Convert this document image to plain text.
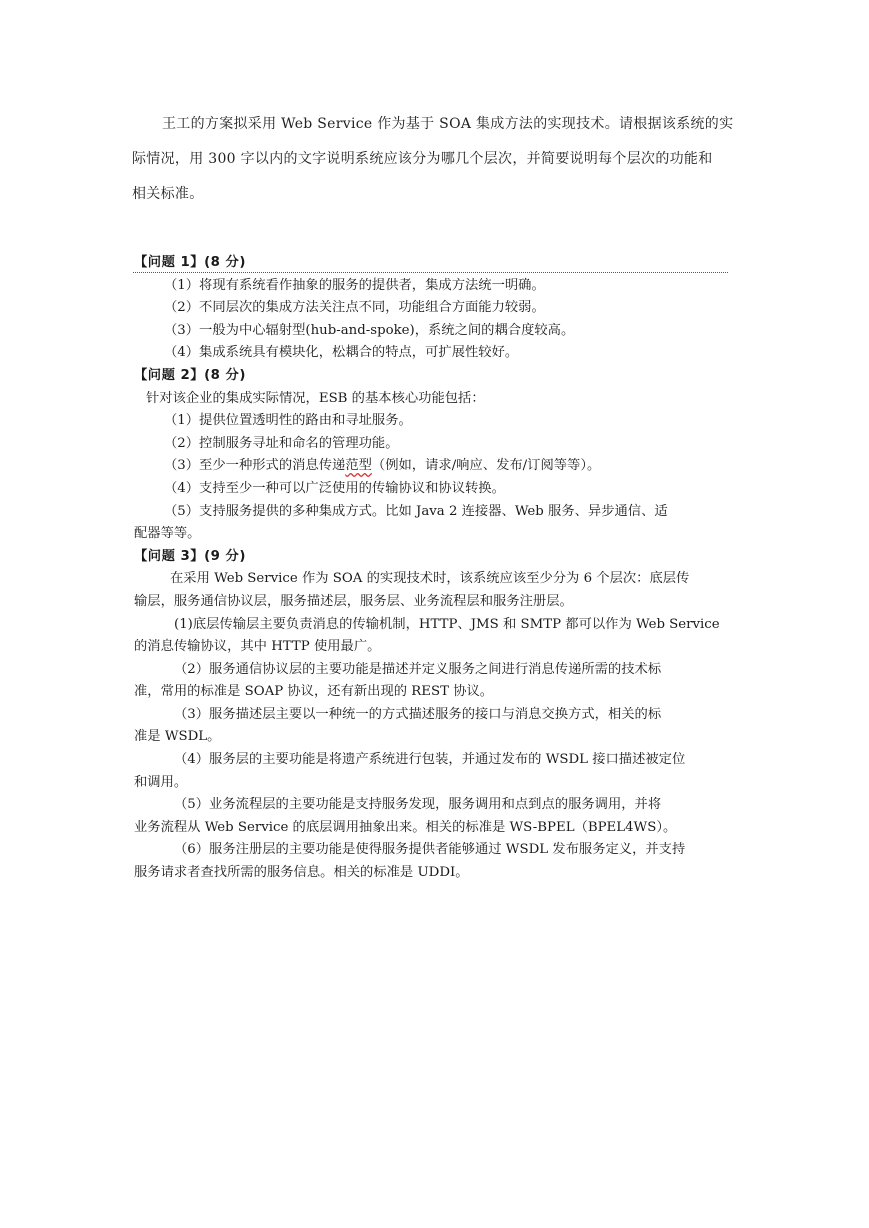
王工的方案拟采用 Web Service 作为基于 SOA 集成方法的实现技术。请根据该系统的实
际情况，用 300 字以内的文字说明系统应该分为哪几个层次，并简要说明每个层次的功能和
相关标准。
【问题 1】(8 分)
（1）将现有系统看作抽象的服务的提供者，集成方法统一明确。
（2）不同层次的集成方法关注点不同，功能组合方面能力较弱。
（3）一般为中心辐射型(hub-and-spoke)，系统之间的耦合度较高。
（4）集成系统具有模块化，松耦合的特点，可扩展性较好。
【问题 2】(8 分)
针对该企业的集成实际情况，ESB 的基本核心功能包括：
（1）提供位置透明性的路由和寻址服务。
（2）控制服务寻址和命名的管理功能。
（3）至少一种形式的消息传递范型（例如，请求/响应、发布/订阅等等）。
（4）支持至少一种可以广泛使用的传输协议和协议转换。
（5）支持服务提供的多种集成方式。比如 Java 2 连接器、Web 服务、异步通信、适
配器等等。
【问题 3】(9 分)
在采用 Web Service 作为 SOA 的实现技术时，该系统应该至少分为 6 个层次：底层传
输层，服务通信协议层，服务描述层，服务层、业务流程层和服务注册层。
(1)底层传输层主要负责消息的传输机制，HTTP、JMS 和 SMTP 都可以作为 Web Service
的消息传输协议，其中 HTTP 使用最广。
（2）服务通信协议层的主要功能是描述并定义服务之间进行消息传递所需的技术标
准，常用的标准是 SOAP 协议，还有新出现的 REST 协议。
（3）服务描述层主要以一种统一的方式描述服务的接口与消息交换方式，相关的标
准是 WSDL。
（4）服务层的主要功能是将遗产系统进行包装，并通过发布的 WSDL 接口描述被定位
和调用。
（5）业务流程层的主要功能是支持服务发现，服务调用和点到点的服务调用，并将
业务流程从 Web Service 的底层调用抽象出来。相关的标准是 WS-BPEL（BPEL4WS）。
（6）服务注册层的主要功能是使得服务提供者能够通过 WSDL 发布服务定义，并支持
服务请求者查找所需的服务信息。相关的标准是 UDDI。
